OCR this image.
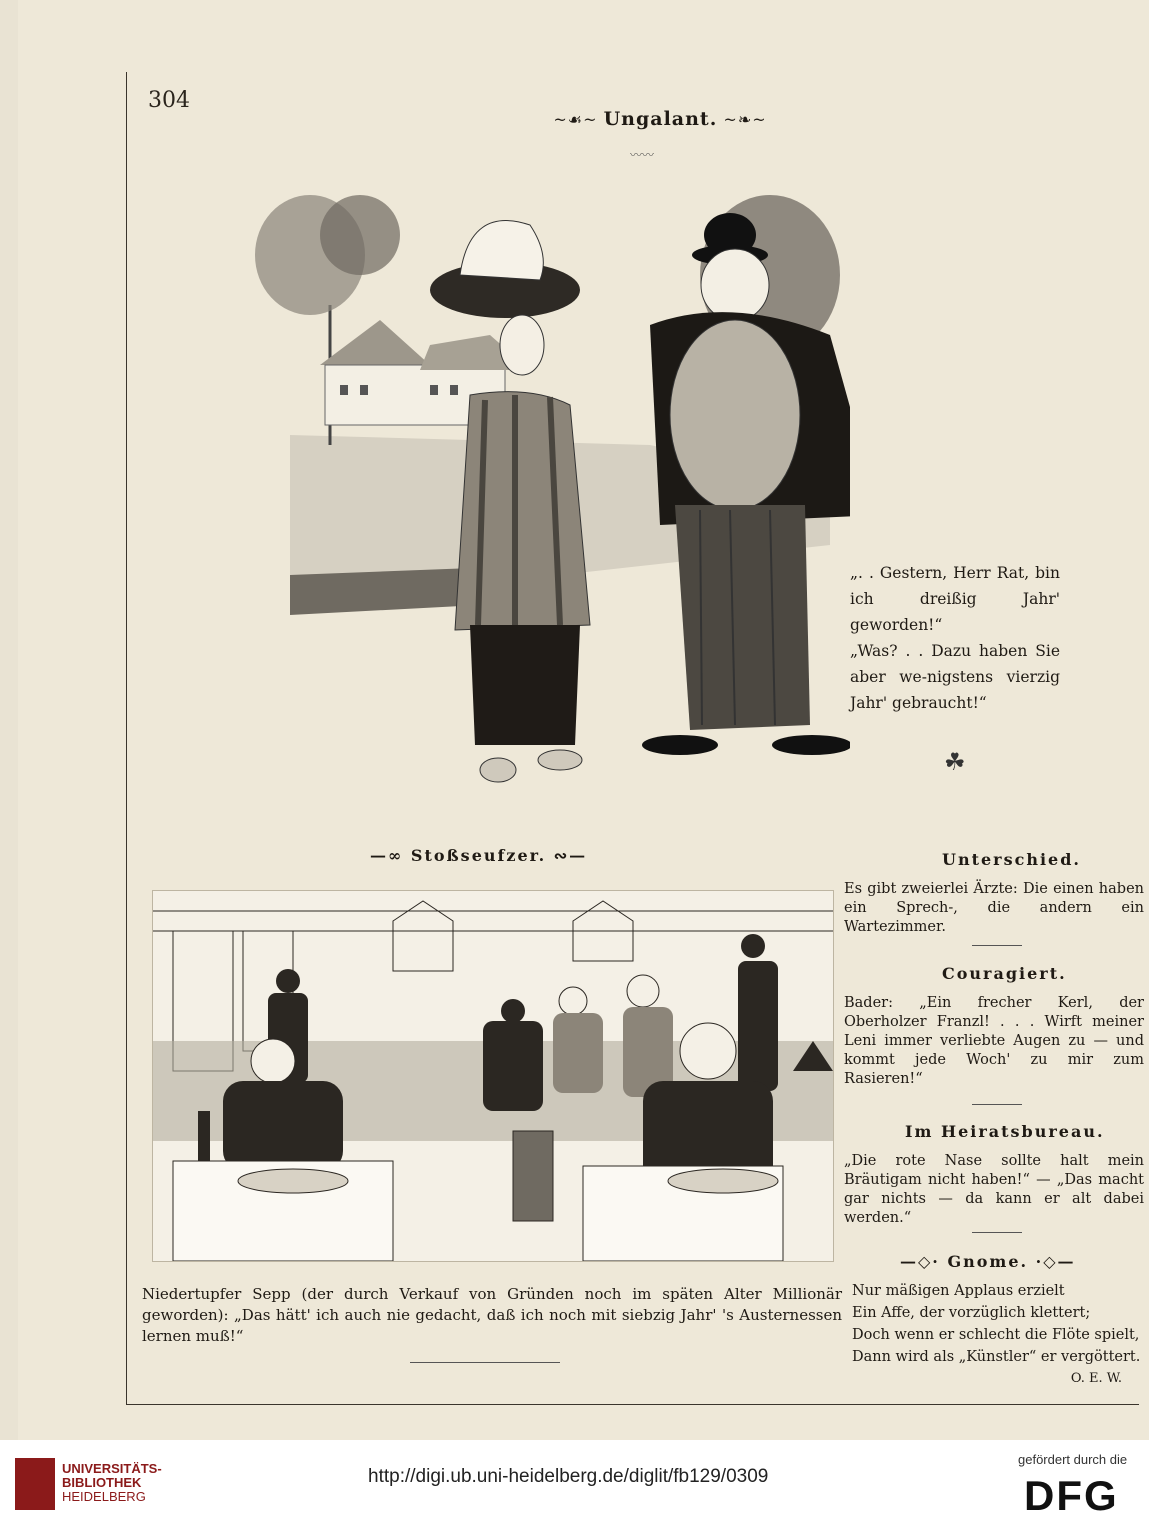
304
~☙~ Ungalant. ~❧~
〰〰
„. . Gestern, Herr Rat, bin ich dreißig Jahr' geworden!“
„Was? . . Dazu haben Sie aber we-nigstens vierzig Jahr' gebraucht!“
☘
—∞ Stoßseufzer. ∾—
Niedertupfer Sepp (der durch Verkauf von Gründen noch im späten Alter Millionär geworden): „Das hätt' ich auch nie gedacht, daß ich noch mit siebzig Jahr' 's Austernessen lernen muß!“
Unterschied.
Es gibt zweierlei Ärzte: Die einen haben ein Sprech-, die andern ein Wartezimmer.
Couragiert.
Bader: „Ein frecher Kerl, der Oberholzer Franzl! . . . Wirft meiner Leni immer verliebte Augen zu — und kommt jede Woch' zu mir zum Rasieren!“
Im Heiratsbureau.
„Die rote Nase sollte halt mein Bräutigam nicht haben!“ — „Das macht gar nichts — da kann er alt dabei werden.“
—◇· Gnome. ·◇—
Nur mäßigen Applaus erzielt
Ein Affe, der vorzüglich klettert;
Doch wenn er schlecht die Flöte spielt,
Dann wird als „Künstler“ er vergöttert.
O. E. W.
UNIVERSITÄTS-
BIBLIOTHEK
HEIDELBERG
http://digi.ub.uni-heidelberg.de/diglit/fb129/0309
gefördert durch die
DFG
